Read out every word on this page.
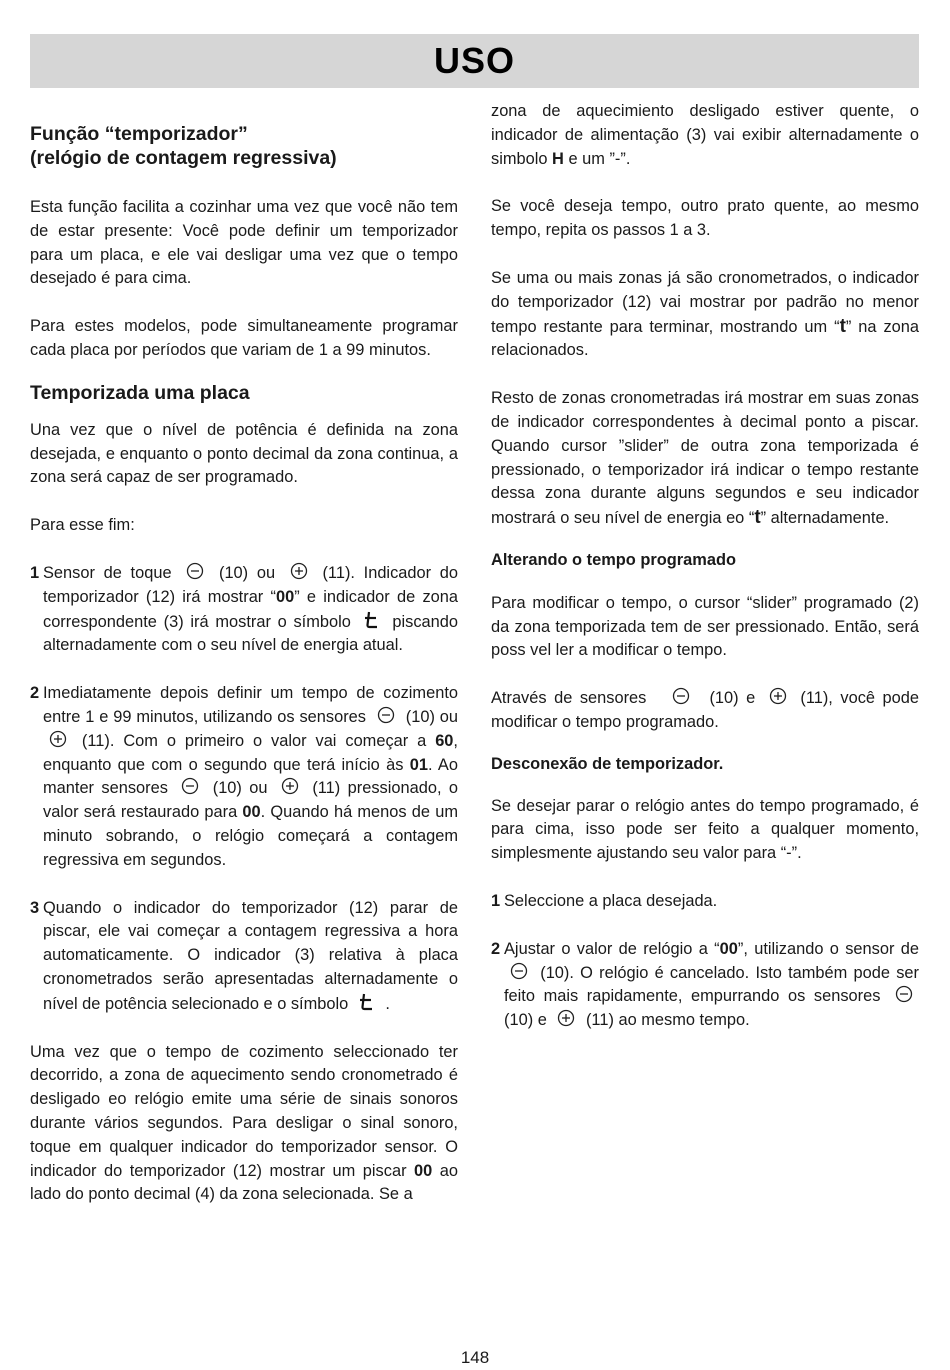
USO

Função “temporizador”
(relógio de contagem regressiva)

Esta função facilita a cozinhar uma vez que você não tem de estar presente: Você pode definir um temporizador para um placa, e ele vai desligar uma vez que o tempo desejado é para cima.

Para estes modelos, pode simultaneamente programar cada placa por períodos que variam de 1 a 99 minutos.

Temporizada uma placa

Una vez que o nível de potência é definida na zona desejada, e enquanto o ponto decimal da zona continua, a zona será capaz de ser programado.

Para esse fim:

1 Sensor de toque	(10) ou	(11). Indicador do temporizador (12) irá mostrar “00” e indicador de zona correspondente (3) irá mostrar o símbolo	piscando alternadamente com o seu nível de energia atual.

2 Imediatamente depois definir um tempo de cozimento entre 1 e 99 minutos, utilizando os sensores (10) ou  (11). Com o primeiro o valor vai começar a 60, enquanto que com o segundo que terá início às 01. Ao manter sensores	(10) ou	(11) pressionado, o valor será restaurado para 00. Quando há menos de um minuto sobrando, o relógio começará a contagem regressiva em segundos.

3 Quando o indicador do temporizador (12) parar de piscar, ele vai começar a contagem regressiva a hora automaticamente. O indicador (3) relativa à placa cronometrados serão apresentadas alternadamente o nível de potência selecionado e o símbolo .

Uma vez que o tempo de cozimento seleccionado ter decorrido, a zona de aquecimento sendo cronometrado é desligado eo relógio emite uma série de sinais sonoros durante vários segundos. Para desligar o sinal sonoro, toque em qualquer indicador do temporizador sensor. O indicador do temporizador (12) mostrar um piscar 00 ao lado do ponto decimal (4) da zona selecionada. Se a

zona de aquecimiento desligado estiver quente, o indicador de alimentação (3) vai exibir alternadamente o simbolo H e um ”-”.

Se você deseja tempo, outro prato quente, ao mesmo tempo, repita os passos 1 a 3.

Se uma ou mais zonas já são cronometrados, o indicador do temporizador (12) vai mostrar por padrão no menor tempo restante para terminar, mostrando um “t” na zona relacionados.

Resto de zonas cronometradas irá mostrar em suas zonas de indicador correspondentes à decimal ponto a piscar. Quando cursor ”slider” de outra zona temporizada é pressionado, o temporizador irá indicar o tempo restante dessa zona durante alguns segundos e seu indicador mostrará o seu nível de energia eo “t” alternadamente.

Alterando o tempo programado

Para modificar o tempo, o cursor “slider” programado (2) da zona temporizada tem de ser pressionado. Então, será poss vel ler a modificar o tempo.

Através de sensores	(10) e	(11), você pode modificar o tempo programado.

Desconexão de temporizador.

Se desejar parar o relógio antes do tempo programado, é para cima, isso pode ser feito a qualquer momento, simplesmente ajustando seu valor para “-”.

1 Seleccione a placa desejada.

2 Ajustar o valor de relógio a “00”, utilizando o sensor de  (10). O relógio é cancelado. Isto também pode ser feito mais rapidamente, empurrando os sensores  (10) e (11) ao mesmo tempo.

148
